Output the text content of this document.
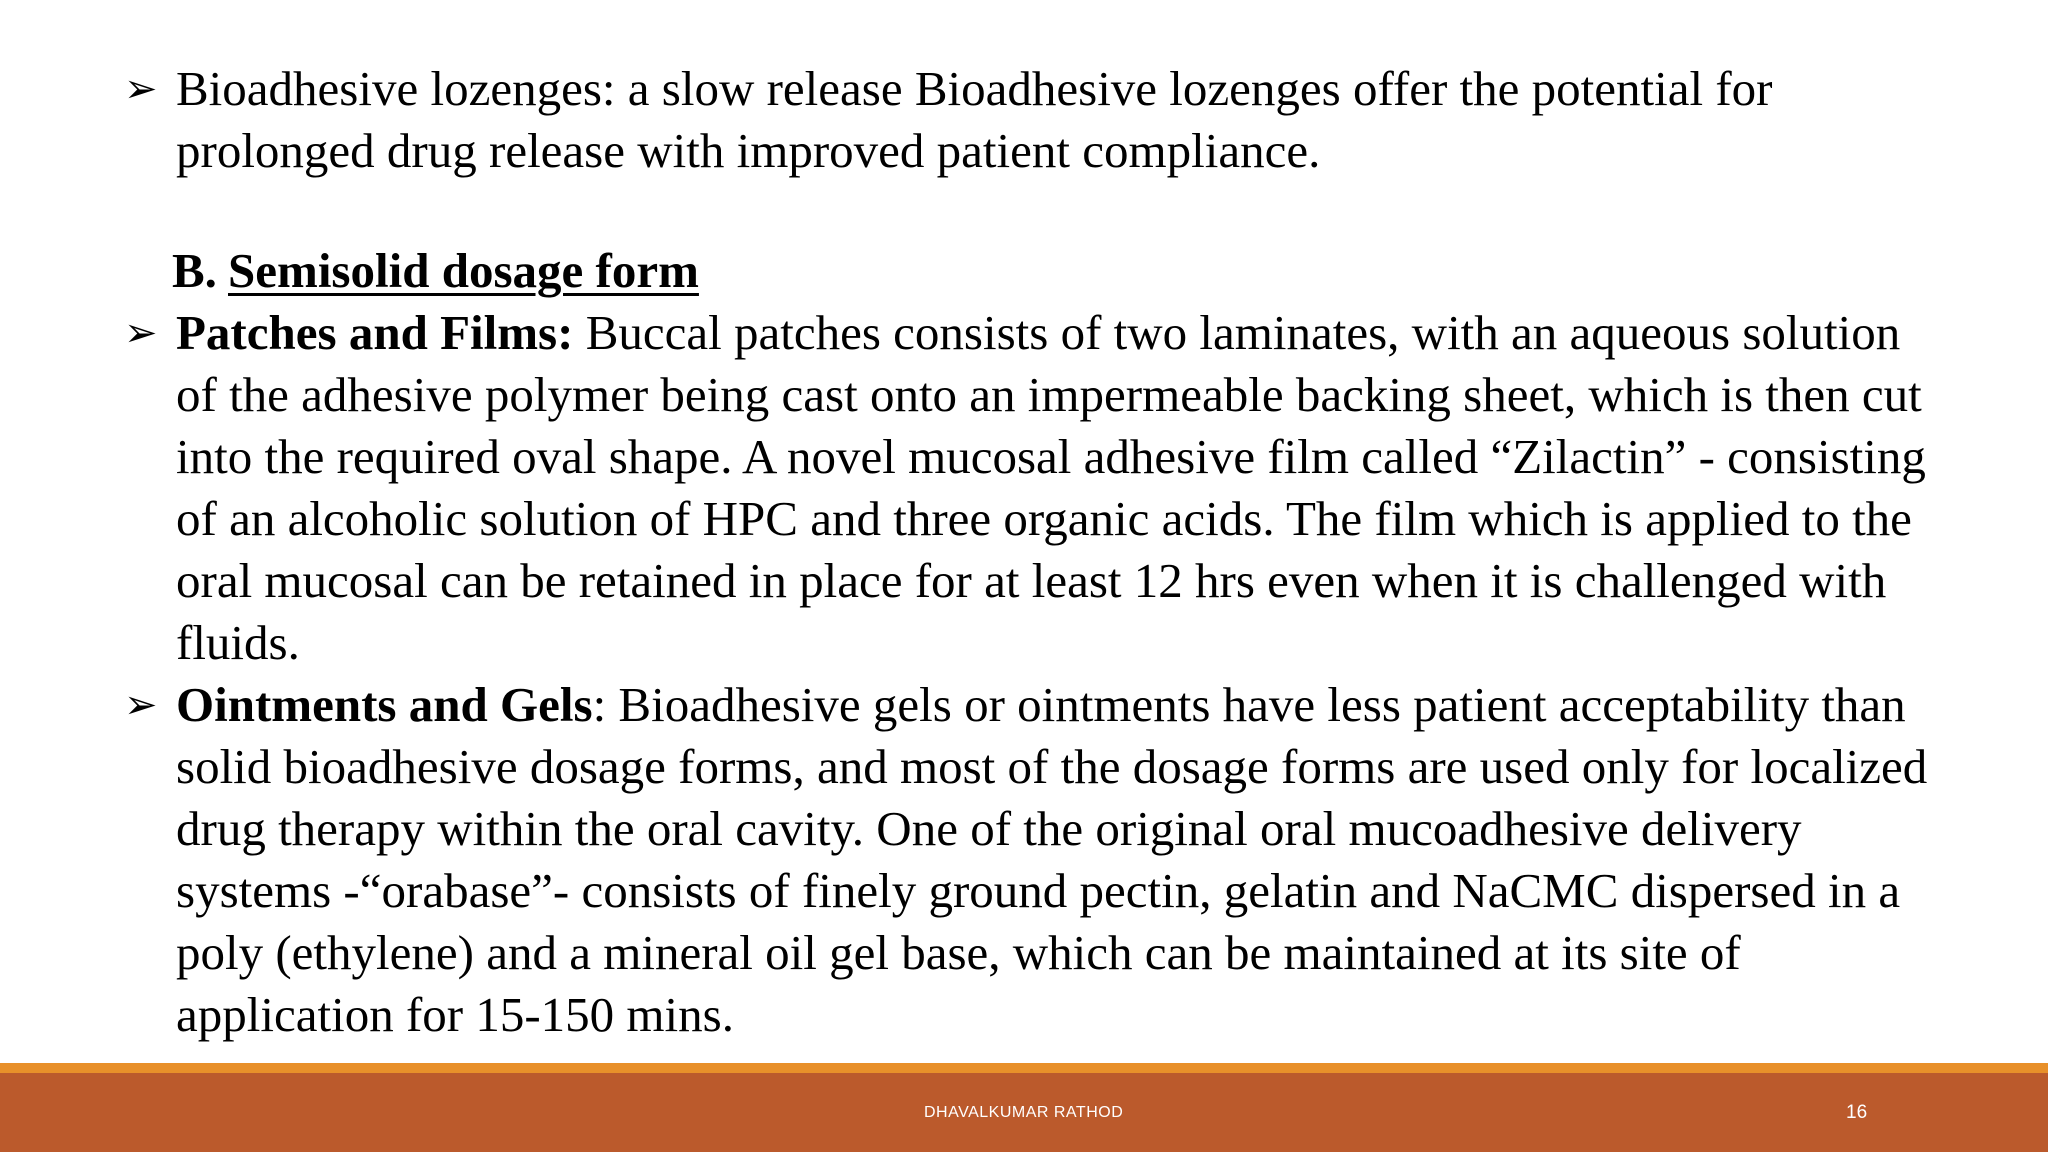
➢ Bioadhesive lozenges: a slow release Bioadhesive lozenges offer the potential for prolonged drug release with improved patient compliance.

B. Semisolid dosage form
➢ Patches and Films: Buccal patches consists of two laminates, with an aqueous solution of the adhesive polymer being cast onto an impermeable backing sheet, which is then cut into the required oval shape. A novel mucosal adhesive film called “Zilactin” - consisting of an alcoholic solution of HPC and three organic acids. The film which is applied to the oral mucosal can be retained in place for at least 12 hrs even when it is challenged with fluids.

➢ Ointments and Gels: Bioadhesive gels or ointments have less patient acceptability than solid bioadhesive dosage forms, and most of the dosage forms are used only for localized drug therapy within the oral cavity. One of the original oral mucoadhesive delivery systems -“orabase”- consists of finely ground pectin, gelatin and NaCMC dispersed in a poly (ethylene) and a mineral oil gel base, which can be maintained at its site of application for 15-150 mins.

DHAVALKUMAR RATHOD	16
